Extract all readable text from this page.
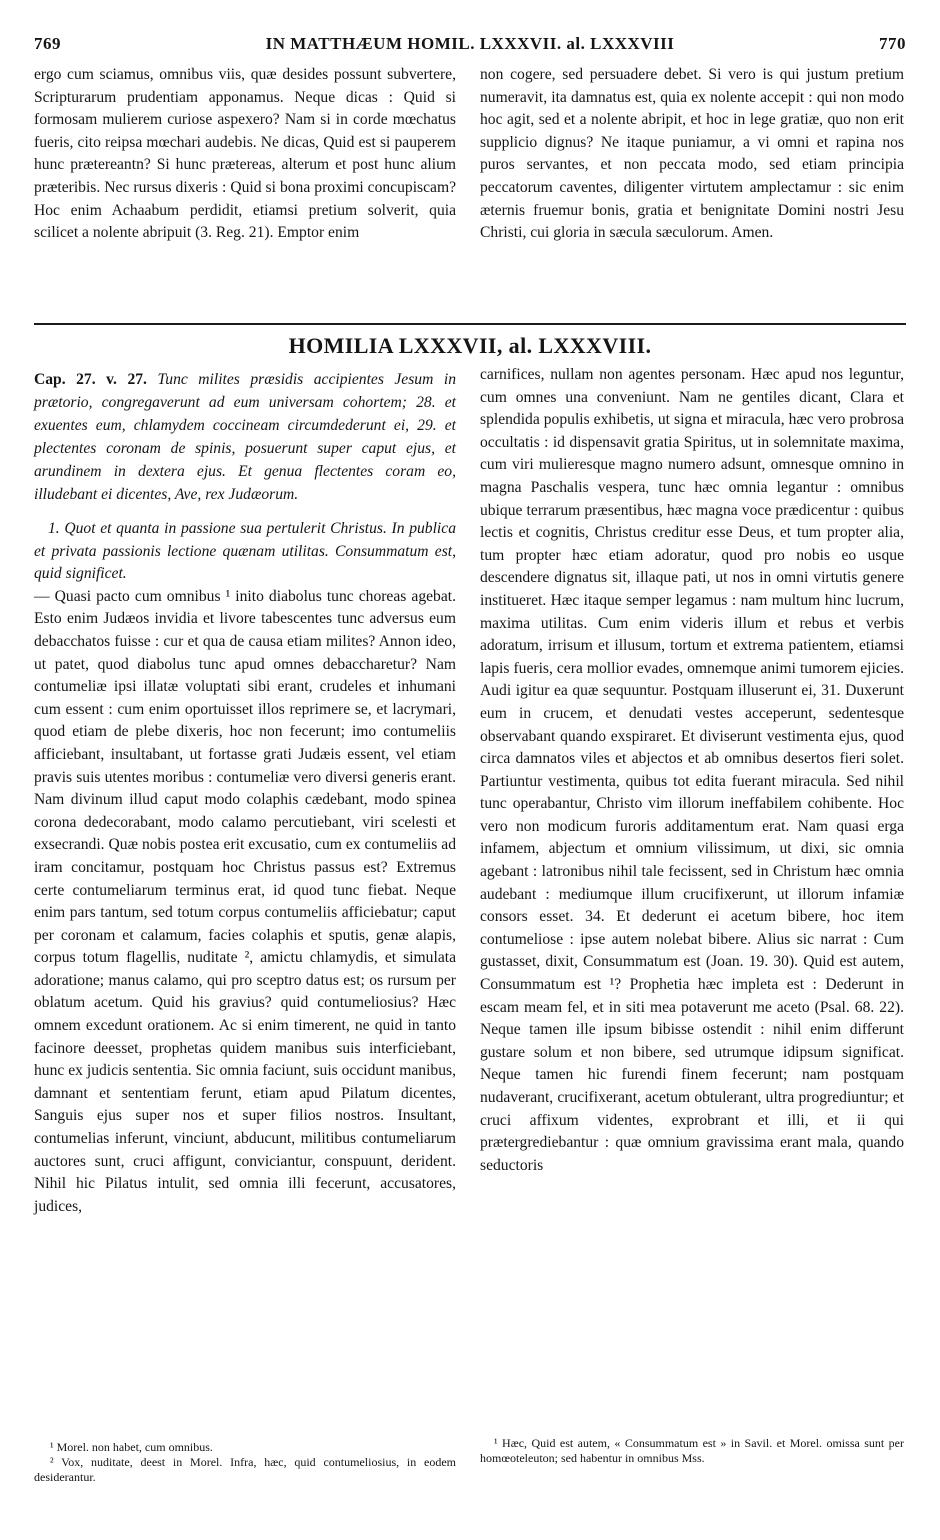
769	IN MATTHÆUM HOMIL. LXXXVII. al. LXXXVIII	770

ergo cum sciamus, omnibus viis, quæ desides possunt subvertere, Scripturarum prudentiam apponamus. Neque dicas : Quid si formosam mulierem curiose aspexero? Nam si in corde mœchatus fueris, cito reipsa mœchari audebis. Ne dicas, Quid est si pauperem hunc prætereantn? Si hunc prætereas, alterum et post hunc alium præteribis. Nec rursus dixeris : Quid si bona proximi concupiscam? Hoc enim Achaabum perdidit, etiamsi pretium solverit, quia scilicet a nolente abripuit (3. Reg. 21). Emptor enim

non cogere, sed persuadere debet. Si vero is qui justum pretium numeravit, ita damnatus est, quia ex nolente accepit : qui non modo hoc agit, sed et a nolente abripit, et hoc in lege gratiæ, quo non erit supplicio dignus? Ne itaque puniamur, a vi omni et rapina nos puros servantes, et non peccata modo, sed etiam principia peccatorum caventes, diligenter virtutem amplectamur : sic enim æternis fruemur bonis, gratia et benignitate Domini nostri Jesu Christi, cui gloria in sæcula sæculorum. Amen.

HOMILIA LXXXVII, al. LXXXVIII.

Cap. 27. v. 27. Tunc milites præsidis accipientes Jesum in prætorio, congregaverunt ad eum universam cohortem; 28. et exuentes eum, chlamydem coccineam circumdederunt ei, 29. et plectentes coronam de spinis, posuerunt super caput ejus, et arundinem in dextera ejus. Et genua flectentes coram eo, illudebant ei dicentes, Ave, rex Judæorum.

1. Quot et quanta in passione sua pertulerit Christus. In publica et privata passionis lectione quænam utilitas. Consummatum est, quid significet.

— Quasi pacto cum omnibus ¹ inito diabolus tunc choreas agebat. Esto enim Judæos invidia et livore tabescentes tunc adversus eum debacchatos fuisse : cur et qua de causa etiam milites? Annon ideo, ut patet, quod diabolus tunc apud omnes debaccharetur? Nam contumeliæ ipsi illatæ voluptati sibi erant, crudeles et inhumani cum essent : cum enim oportuisset illos reprimere se, et lacrymari, quod etiam de plebe dixeris, hoc non fecerunt; imo contumeliis afficiebant, insultabant, ut fortasse grati Judæis essent, vel etiam pravis suis utentes moribus : contumeliæ vero diversi generis erant. Nam divinum illud caput modo colaphis cædebant, modo spinea corona dedecorabant, modo calamo percutiebant, viri scelesti et exsecrandi. Quæ nobis postea erit excusatio, cum ex contumeliis ad iram concitamur, postquam hoc Christus passus est? Extremus certe contumeliarum terminus erat, id quod tunc fiebat. Neque enim pars tantum, sed totum corpus contumeliis afficiebatur; caput per coronam et calamum, facies colaphis et sputis, genæ alapis, corpus totum flagellis, nuditate ², amictu chlamydis, et simulata adoratione; manus calamo, qui pro sceptro datus est; os rursum per oblatum acetum. Quid his gravius? quid contumeliosius? Hæc omnem excedunt orationem. Ac si enim timerent, ne quid in tanto facinore deesset, prophetas quidem manibus suis interficiebant, hunc ex judicis sententia. Sic omnia faciunt, suis occidunt manibus, damnant et sententiam ferunt, etiam apud Pilatum dicentes, Sanguis ejus super nos et super filios nostros. Insultant, contumelias inferunt, vinciunt, abducunt, militibus contumeliarum auctores sunt, cruci affigunt, conviciantur, conspuunt, derident. Nihil hic Pilatus intulit, sed omnia illi fecerunt, accusatores, judices,

carnifices, nullam non agentes personam. Hæc apud nos leguntur, cum omnes una conveniunt. Nam ne gentiles dicant, Clara et splendida populis exhibetis, ut signa et miracula, hæc vero probrosa occultatis : id dispensavit gratia Spiritus, ut in solemnitate maxima, cum viri mulieresque magno numero adsunt, omnesque omnino in magna Paschalis vespera, tunc hæc omnia legantur : omnibus ubique terrarum præsentibus, hæc magna voce prædicentur : quibus lectis et cognitis, Christus creditur esse Deus, et tum propter alia, tum propter hæc etiam adoratur, quod pro nobis eo usque descendere dignatus sit, illaque pati, ut nos in omni virtutis genere institueret. Hæc itaque semper legamus : nam multum hinc lucrum, maxima utilitas. Cum enim videris illum et rebus et verbis adoratum, irrisum et illusum, tortum et extrema patientem, etiamsi lapis fueris, cera mollior evades, omnemque animi tumorem ejicies. Audi igitur ea quæ sequuntur. Postquam illuserunt ei, 31. Duxerunt eum in crucem, et denudati vestes acceperunt, sedentesque observabant quando exspiraret. Et diviserunt vestimenta ejus, quod circa damnatos viles et abjectos et ab omnibus desertos fieri solet. Partiuntur vestimenta, quibus tot edita fuerant miracula. Sed nihil tunc operabantur, Christo vim illorum ineffabilem cohibente. Hoc vero non modicum furoris additamentum erat. Nam quasi erga infamem, abjectum et omnium vilissimum, ut dixi, sic omnia agebant : latronibus nihil tale fecissent, sed in Christum hæc omnia audebant : mediumque illum crucifixerunt, ut illorum infamiæ consors esset. 34. Et dederunt ei acetum bibere, hoc item contumeliose : ipse autem nolebat bibere. Alius sic narrat : Cum gustasset, dixit, Consummatum est (Joan. 19. 30). Quid est autem, Consummatum est ¹? Prophetia hæc impleta est : Dederunt in escam meam fel, et in siti mea potaverunt me aceto (Psal. 68. 22). Neque tamen ille ipsum bibisse ostendit : nihil enim differunt gustare solum et non bibere, sed utrumque idipsum significat. Neque tamen hic furendi finem fecerunt; nam postquam nudaverant, crucifixerant, acetum obtulerant, ultra progrediuntur; et cruci affixum videntes, exprobrant et illi, et ii qui prætergrediebantur : quæ omnium gravissima erant mala, quando seductoris

¹ Morel. non habet, cum omnibus.

² Vox, nuditate, deest in Morel. Infra, hæc, quid contumeliosius, in eodem desiderantur.

¹ Hæc, Quid est autem, « Consummatum est » in Savil. et Morel. omissa sunt per homœoteleuton; sed habentur in omnibus Mss.
